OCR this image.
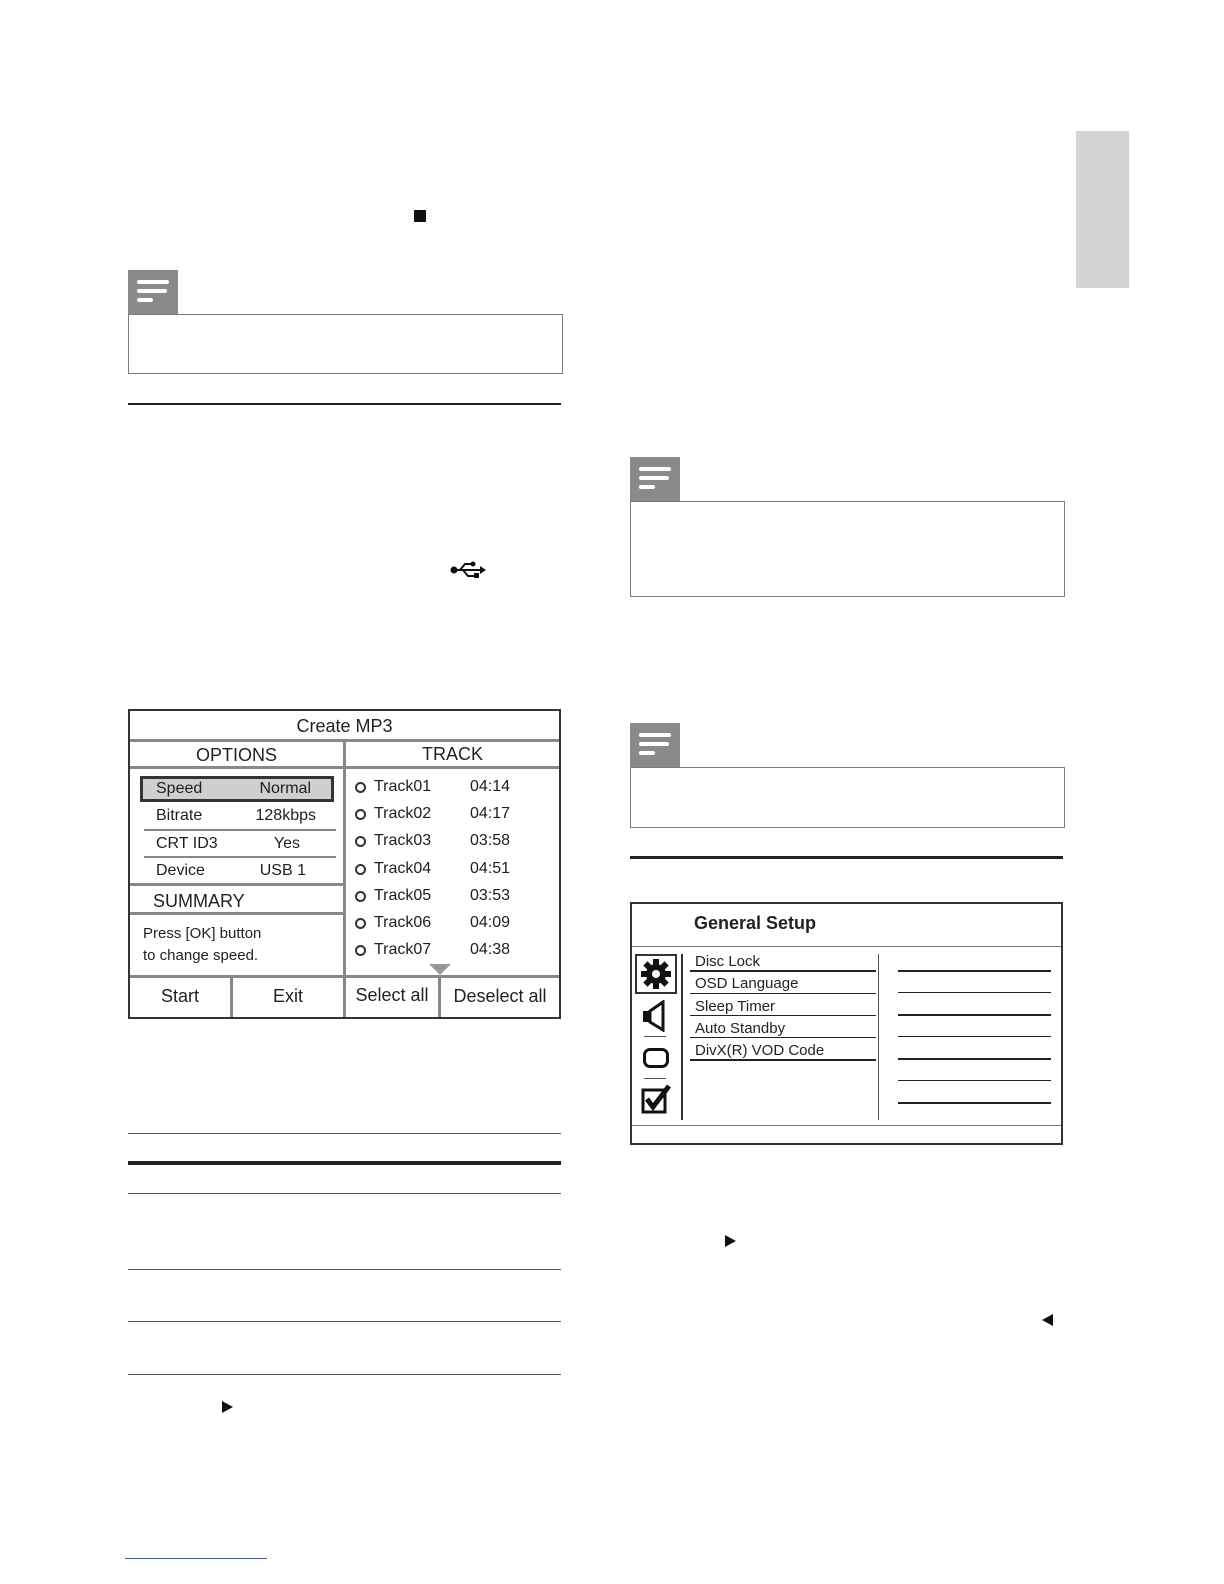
Create MP3
OPTIONS	TRACK
Speed	Normal
Bitrate	128kbps
CRT ID3	Yes
Device	USB 1
SUMMARY
Press [OK] button
to change speed.
Track01 04:14
Track02 04:17
Track03 03:58
Track04 04:51
Track05 03:53
Track06 04:09
Track07 04:38
Start	Exit	Select all	Deselect all
General Setup
Disc Lock
OSD Language
Sleep Timer
Auto Standby
DivX(R) VOD Code
